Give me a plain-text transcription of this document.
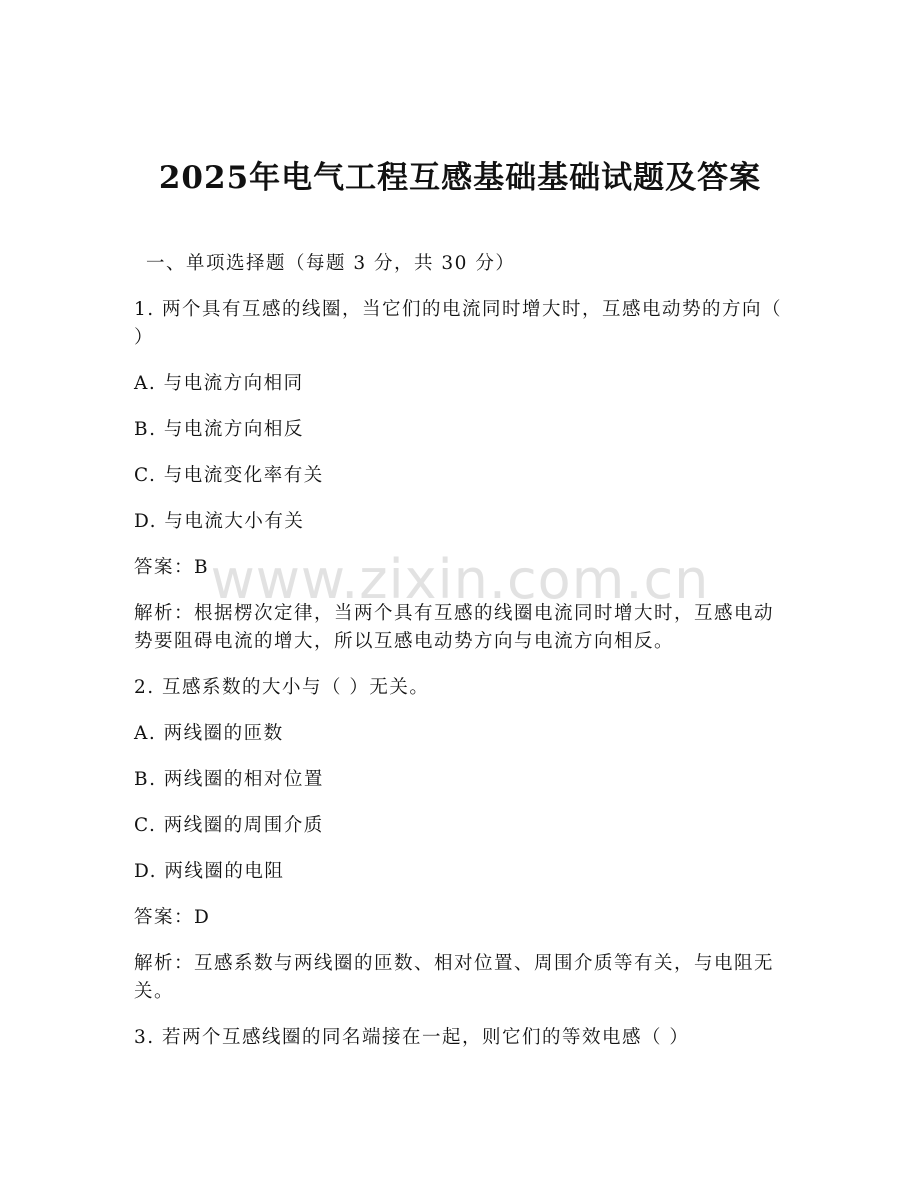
2025年电气工程互感基础基础试题及答案
www.zixin.com.cn
一、单项选择题（每题 3 分，共 30 分）
1. 两个具有互感的线圈，当它们的电流同时增大时，互感电动势的方向（ ）
A. 与电流方向相同
B. 与电流方向相反
C. 与电流变化率有关
D. 与电流大小有关
答案：B
解析：根据楞次定律，当两个具有互感的线圈电流同时增大时，互感电动势要阻碍电流的增大，所以互感电动势方向与电流方向相反。
2. 互感系数的大小与（ ）无关。
A. 两线圈的匝数
B. 两线圈的相对位置
C. 两线圈的周围介质
D. 两线圈的电阻
答案：D
解析：互感系数与两线圈的匝数、相对位置、周围介质等有关，与电阻无关。
3. 若两个互感线圈的同名端接在一起，则它们的等效电感（ ）
